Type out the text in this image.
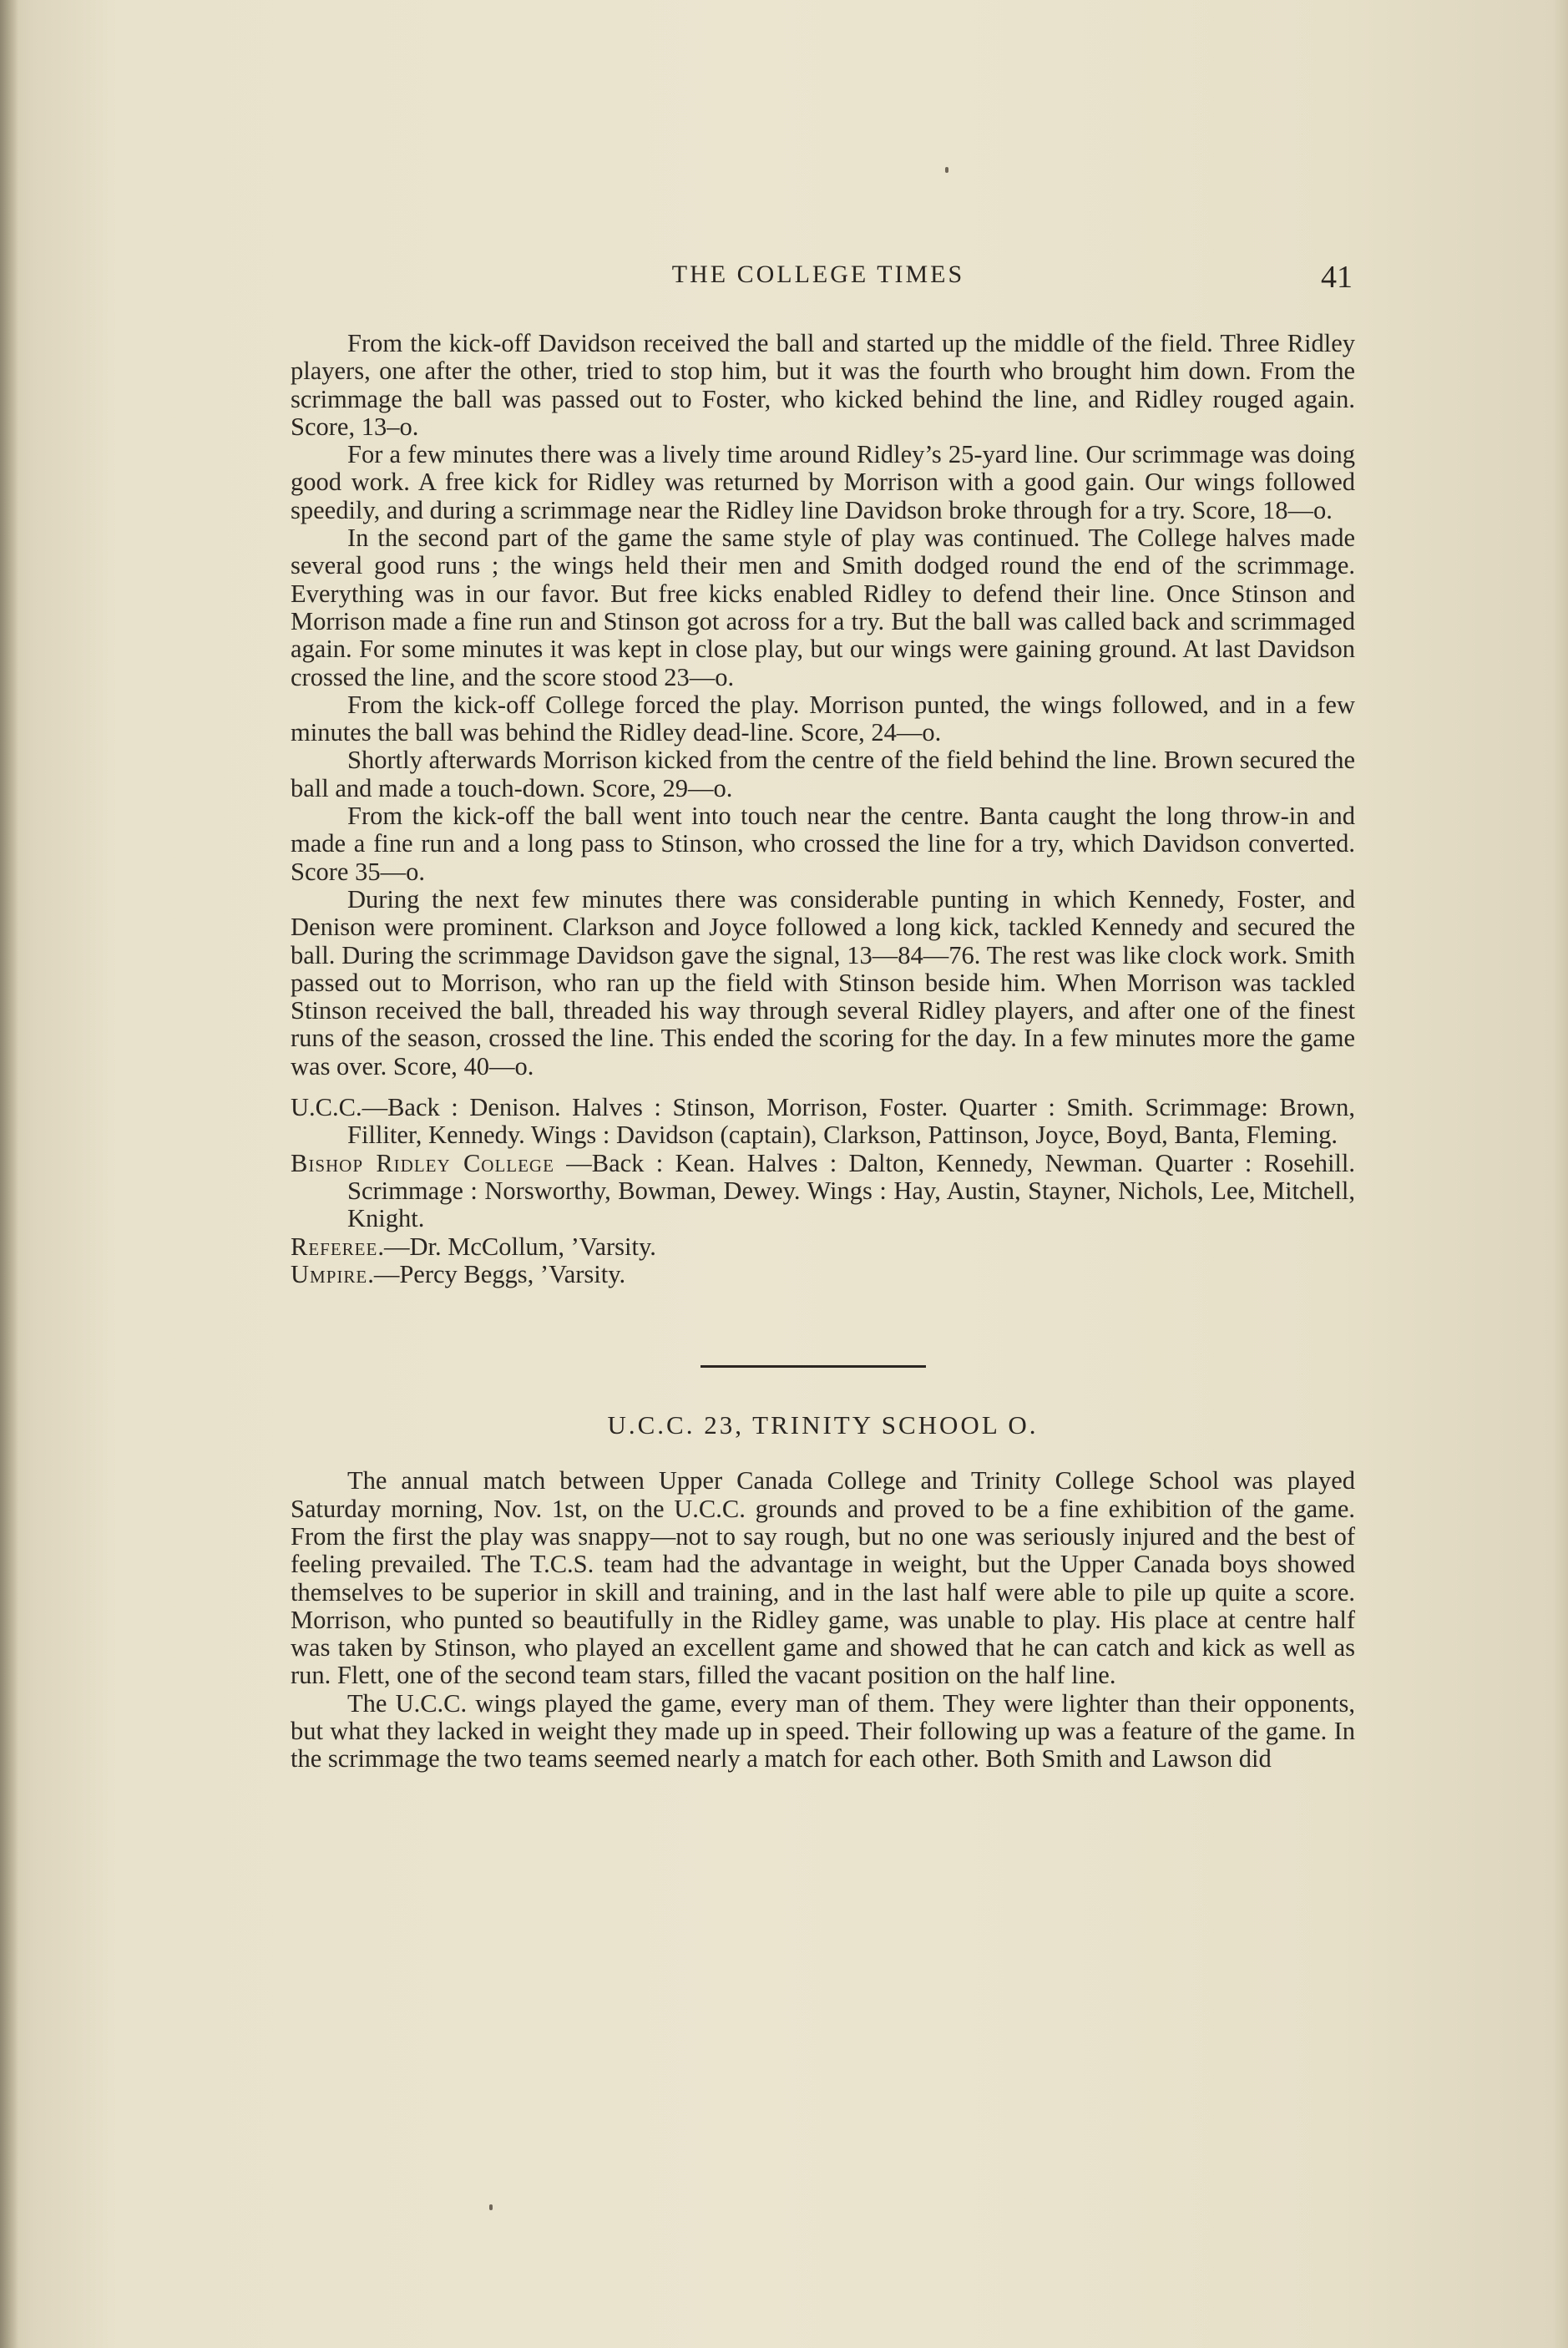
THE COLLEGE TIMES	41

From the kick-off Davidson received the ball and started up the middle of the field. Three Ridley players, one after the other, tried to stop him, but it was the fourth who brought him down. From the scrimmage the ball was passed out to Foster, who kicked behind the line, and Ridley rouged again. Score, 13–o.

For a few minutes there was a lively time around Ridley’s 25-yard line. Our scrimmage was doing good work. A free kick for Ridley was returned by Morrison with a good gain. Our wings followed speedily, and during a scrimmage near the Ridley line Davidson broke through for a try. Score, 18—o.

In the second part of the game the same style of play was continued. The College halves made several good runs ; the wings held their men and Smith dodged round the end of the scrimmage. Everything was in our favor. But free kicks enabled Ridley to defend their line. Once Stinson and Morrison made a fine run and Stinson got across for a try. But the ball was called back and scrimmaged again. For some minutes it was kept in close play, but our wings were gaining ground. At last Davidson crossed the line, and the score stood 23—o.

From the kick-off College forced the play. Morrison punted, the wings followed, and in a few minutes the ball was behind the Ridley dead-line. Score, 24—o.

Shortly afterwards Morrison kicked from the centre of the field behind the line. Brown secured the ball and made a touch-down. Score, 29—o.

From the kick-off the ball went into touch near the centre. Banta caught the long throw-in and made a fine run and a long pass to Stinson, who crossed the line for a try, which Davidson converted. Score 35—o.

During the next few minutes there was considerable punting in which Kennedy, Foster, and Denison were prominent. Clarkson and Joyce followed a long kick, tackled Kennedy and secured the ball. During the scrimmage Davidson gave the signal, 13—84—76. The rest was like clock work. Smith passed out to Morrison, who ran up the field with Stinson beside him. When Morrison was tackled Stinson received the ball, threaded his way through several Ridley players, and after one of the finest runs of the season, crossed the line. This ended the scoring for the day. In a few minutes more the game was over. Score, 40—o.

U.C.C.—Back : Denison. Halves : Stinson, Morrison, Foster. Quarter : Smith. Scrimmage: Brown, Filliter, Kennedy. Wings : Davidson (captain), Clarkson, Pattinson, Joyce, Boyd, Banta, Fleming.

Bishop Ridley College —Back : Kean. Halves : Dalton, Kennedy, Newman. Quarter : Rosehill. Scrimmage : Norsworthy, Bowman, Dewey. Wings : Hay, Austin, Stayner, Nichols, Lee, Mitchell, Knight.

Referee.—Dr. McCollum, ’Varsity.

Umpire.—Percy Beggs, ’Varsity.

U.C.C. 23, TRINITY SCHOOL O.

The annual match between Upper Canada College and Trinity College School was played Saturday morning, Nov. 1st, on the U.C.C. grounds and proved to be a fine exhibition of the game. From the first the play was snappy—not to say rough, but no one was seriously injured and the best of feeling prevailed. The T.C.S. team had the advantage in weight, but the Upper Canada boys showed themselves to be superior in skill and training, and in the last half were able to pile up quite a score. Morrison, who punted so beautifully in the Ridley game, was unable to play. His place at centre half was taken by Stinson, who played an excellent game and showed that he can catch and kick as well as run. Flett, one of the second team stars, filled the vacant position on the half line.

The U.C.C. wings played the game, every man of them. They were lighter than their opponents, but what they lacked in weight they made up in speed. Their following up was a feature of the game. In the scrimmage the two teams seemed nearly a match for each other. Both Smith and Lawson did
